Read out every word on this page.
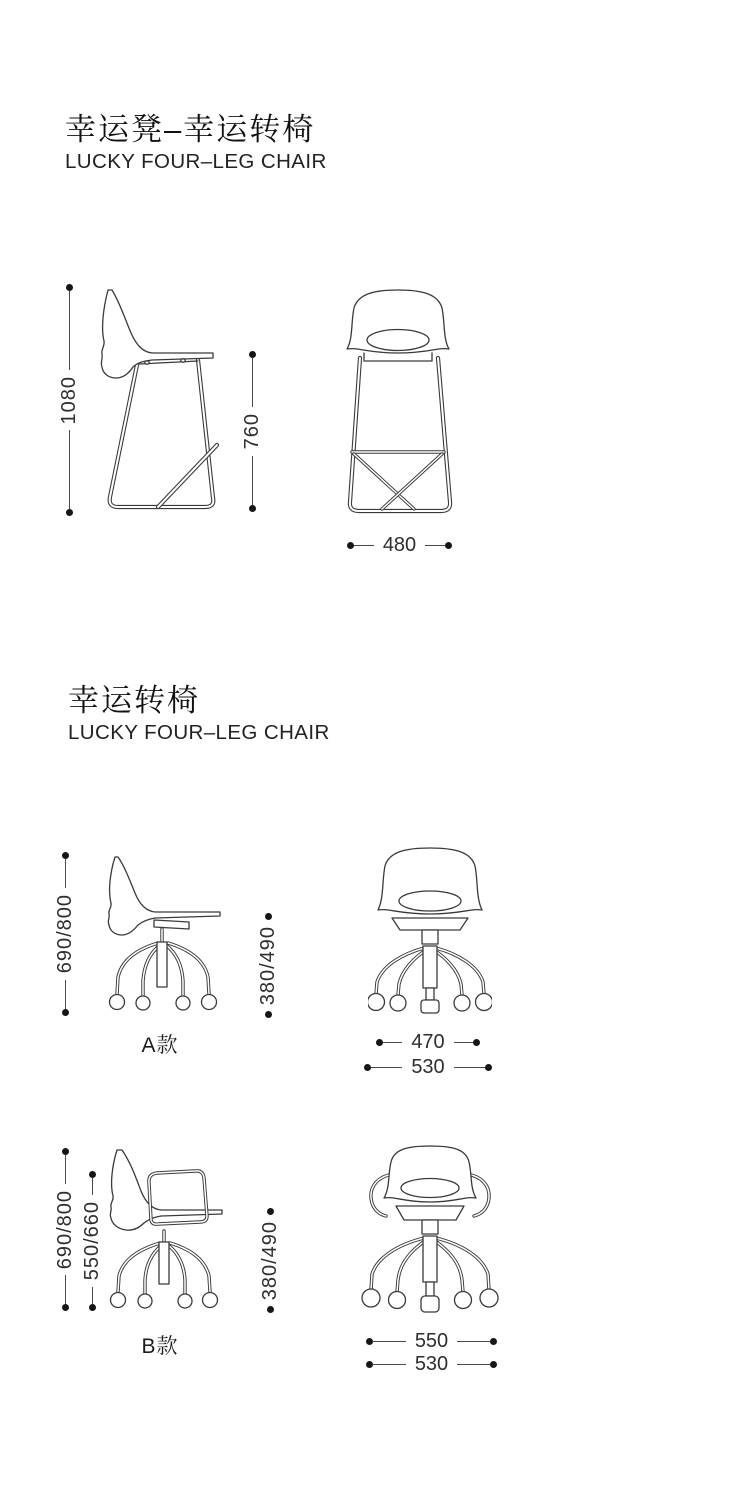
幸运凳–幸运转椅
LUCKY FOUR–LEG CHAIR
1080
760
480
幸运转椅
LUCKY FOUR–LEG CHAIR
690/800	380/490
A款	470
530
690/800 550/660	380/490
B款	550
530
